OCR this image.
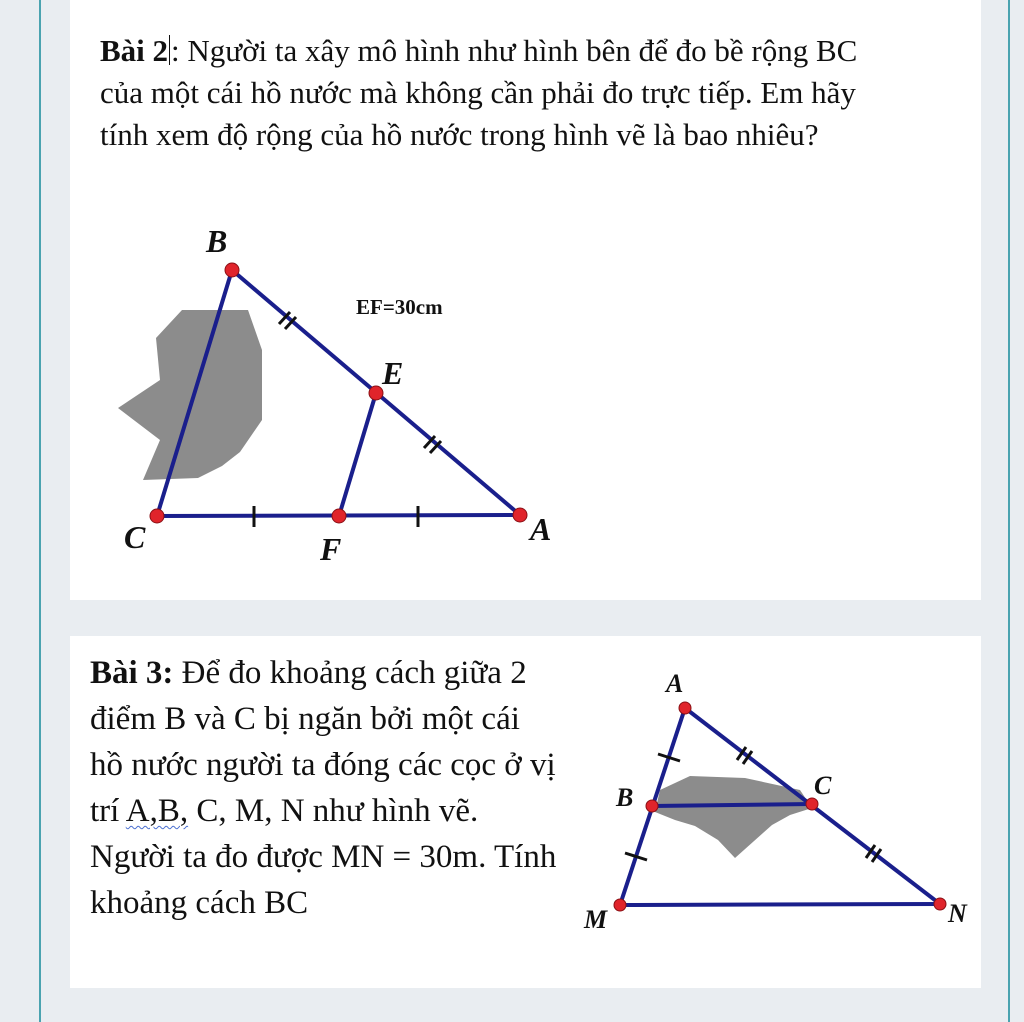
Bài 2: Người ta xây mô hình như hình bên để đo bề rộng BC của một cái hồ nước mà không cần phải đo trực tiếp. Em hãy tính xem độ rộng của hồ nước trong hình vẽ là bao nhiêu?

B
E
C	F
A
EF=30cm

Bài 3: Để đo khoảng cách giữa 2 điểm B và C bị ngăn bởi một cái hồ nước người ta đóng các cọc ở vị trí A,B, C, M, N như hình vẽ. Người ta đo được MN = 30m. Tính khoảng cách BC

A
B	C
M	N
